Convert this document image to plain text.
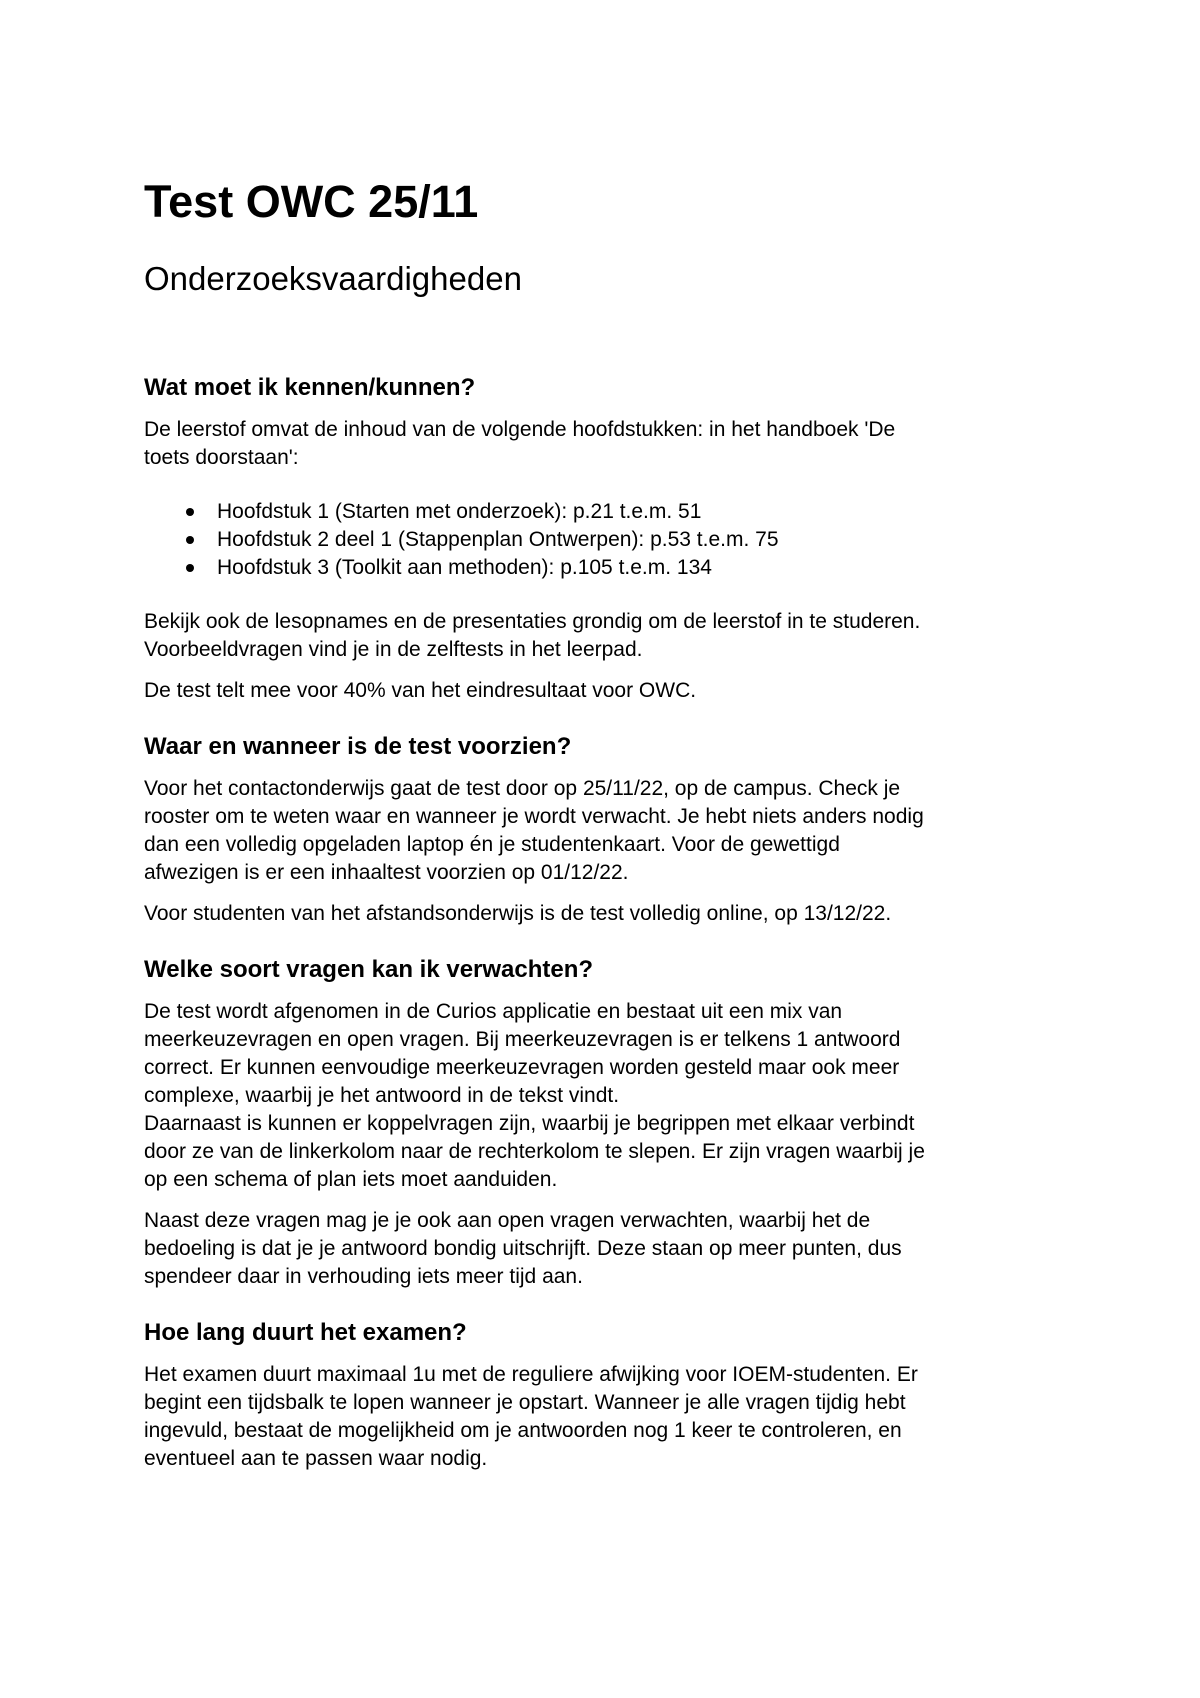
Test OWC 25/11
Onderzoeksvaardigheden
Wat moet ik kennen/kunnen?

De leerstof omvat de inhoud van de volgende hoofdstukken: in het handboek 'De

toets doorstaan':

Hoofdstuk 1 (Starten met onderzoek): p.21 t.e.m. 51
Hoofdstuk 2 deel 1 (Stappenplan Ontwerpen): p.53 t.e.m. 75
Hoofdstuk 3 (Toolkit aan methoden): p.105 t.e.m. 134

Bekijk ook de lesopnames en de presentaties grondig om de leerstof in te studeren.

Voorbeeldvragen vind je in de zelftests in het leerpad.

De test telt mee voor 40% van het eindresultaat voor OWC.

Waar en wanneer is de test voorzien?

Voor het contactonderwijs gaat de test door op 25/11/22, op de campus. Check je

rooster om te weten waar en wanneer je wordt verwacht. Je hebt niets anders nodig

dan een volledig opgeladen laptop én je studentenkaart. Voor de gewettigd

afwezigen is er een inhaaltest voorzien op 01/12/22.

Voor studenten van het afstandsonderwijs is de test volledig online, op 13/12/22.

Welke soort vragen kan ik verwachten?

De test wordt afgenomen in de Curios applicatie en bestaat uit een mix van

meerkeuzevragen en open vragen. Bij meerkeuzevragen is er telkens 1 antwoord

correct. Er kunnen eenvoudige meerkeuzevragen worden gesteld maar ook meer

complexe, waarbij je het antwoord in de tekst vindt.

Daarnaast is kunnen er koppelvragen zijn, waarbij je begrippen met elkaar verbindt

door ze van de linkerkolom naar de rechterkolom te slepen. Er zijn vragen waarbij je

op een schema of plan iets moet aanduiden.

Naast deze vragen mag je je ook aan open vragen verwachten, waarbij het de

bedoeling is dat je je antwoord bondig uitschrijft. Deze staan op meer punten, dus

spendeer daar in verhouding iets meer tijd aan.

Hoe lang duurt het examen?

Het examen duurt maximaal 1u met de reguliere afwijking voor IOEM-studenten. Er

begint een tijdsbalk te lopen wanneer je opstart. Wanneer je alle vragen tijdig hebt

ingevuld, bestaat de mogelijkheid om je antwoorden nog 1 keer te controleren, en

eventueel aan te passen waar nodig.
